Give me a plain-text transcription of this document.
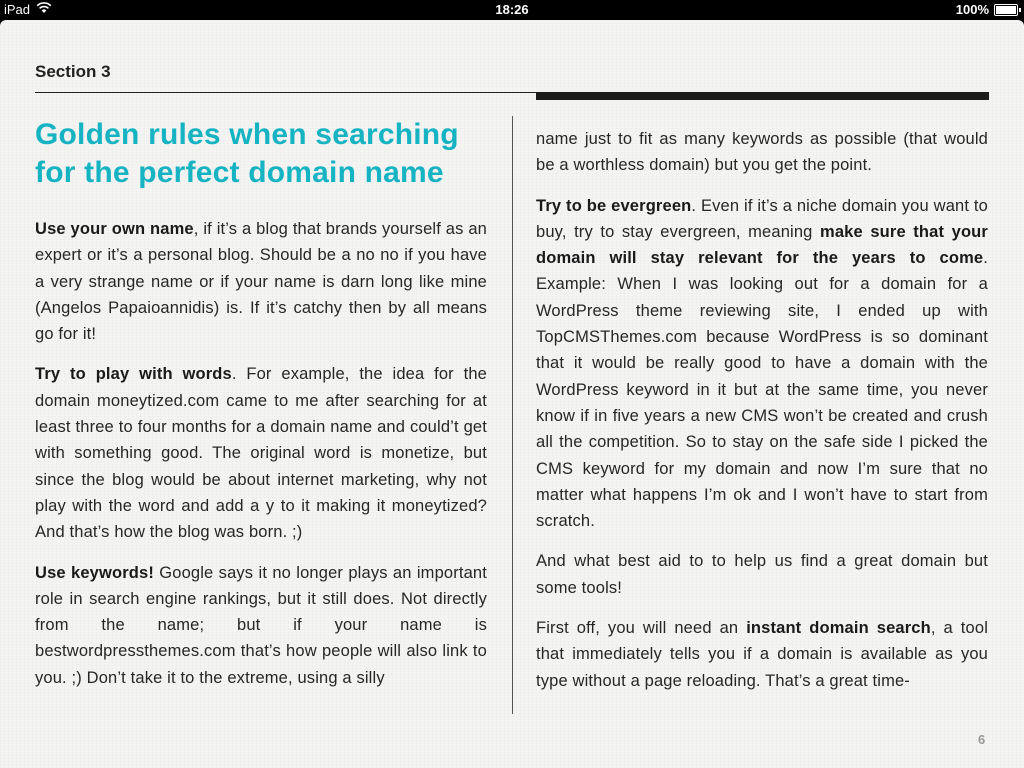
iPad	18:26	100%
Section 3
Golden rules when searching for the perfect domain name

Use your own name, if it’s a blog that brands yourself as an expert or it’s a personal blog. Should be a no no if you have a very strange name or if your name is darn long like mine (Angelos Papaioannidis) is. If it’s catchy then by all means go for it!

Try to play with words. For example, the idea for the domain moneytized.com came to me after searching for at least three to four months for a domain name and could’t get with something good. The original word is monetize, but since the blog would be about internet marketing, why not play with the word and add a y to it making it moneytized? And that’s how the blog was born. ;)

Use keywords! Google says it no longer plays an important role in search engine rankings, but it still does. Not directly from the name; but if your name is bestwordpressthemes.com that’s how people will also link to you. ;) Don’t take it to the extreme, using a silly

name just to fit as many keywords as possible (that would be a worthless domain) but you get the point.

Try to be evergreen. Even if it’s a niche domain you want to buy, try to stay evergreen, meaning make sure that your domain will stay relevant for the years to come. Example: When I was looking out for a domain for a WordPress theme reviewing site, I ended up with TopCMSThemes.com because WordPress is so dominant that it would be really good to have a domain with the WordPress keyword in it but at the same time, you never know if in five years a new CMS won’t be created and crush all the competition. So to stay on the safe side I picked the CMS keyword for my domain and now I’m sure that no matter what happens I’m ok and I won’t have to start from scratch.

And what best aid to to help us find a great domain but some tools!

First off, you will need an instant domain search, a tool that immediately tells you if a domain is available as you type without a page reloading. That’s a great time-

6
